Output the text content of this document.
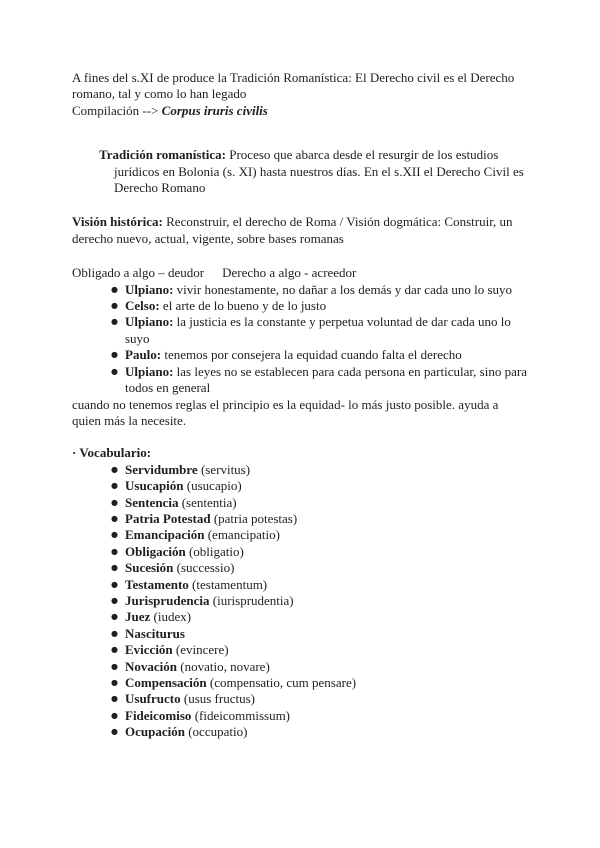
A fines del s.XI de produce la Tradición Romanística: El Derecho civil es el Derecho romano, tal y como lo han legado

Compilación --> Corpus iruris civilis

Tradición romanística: Proceso que abarca desde el resurgir de los estudios jurídicos en Bolonia (s. XI) hasta nuestros días. En el s.XII el Derecho Civil es Derecho Romano

Visión histórica: Reconstruir, el derecho de Roma / Visión dogmática: Construir, un derecho nuevo, actual, vigente, sobre bases romanas

Obligado a algo – deudor Derecho a algo - acreedor

● Ulpiano: vivir honestamente, no dañar a los demás y dar cada uno lo suyo
● Celso: el arte de lo bueno y de lo justo
● Ulpiano: la justicia es la constante y perpetua voluntad de dar cada uno lo suyo
● Paulo: tenemos por consejera la equidad cuando falta el derecho
● Ulpiano: las leyes no se establecen para cada persona en particular, sino para todos en general

cuando no tenemos reglas el principio es la equidad- lo más justo posible. ayuda a quien más la necesite.

· Vocabulario:

● Servidumbre (servitus)
● Usucapión (usucapio)
● Sentencia (sententia)
● Patria Potestad (patria potestas)
● Emancipación (emancipatio)
● Obligación (obligatio)
● Sucesión (successio)
● Testamento (testamentum)
● Jurisprudencia (iurisprudentia)
● Juez (iudex)
● Nasciturus
● Evicción (evincere)
● Novación (novatio, novare)
● Compensación (compensatio, cum pensare)
● Usufructo (usus fructus)
● Fideicomiso (fideicommissum)
● Ocupación (occupatio)
